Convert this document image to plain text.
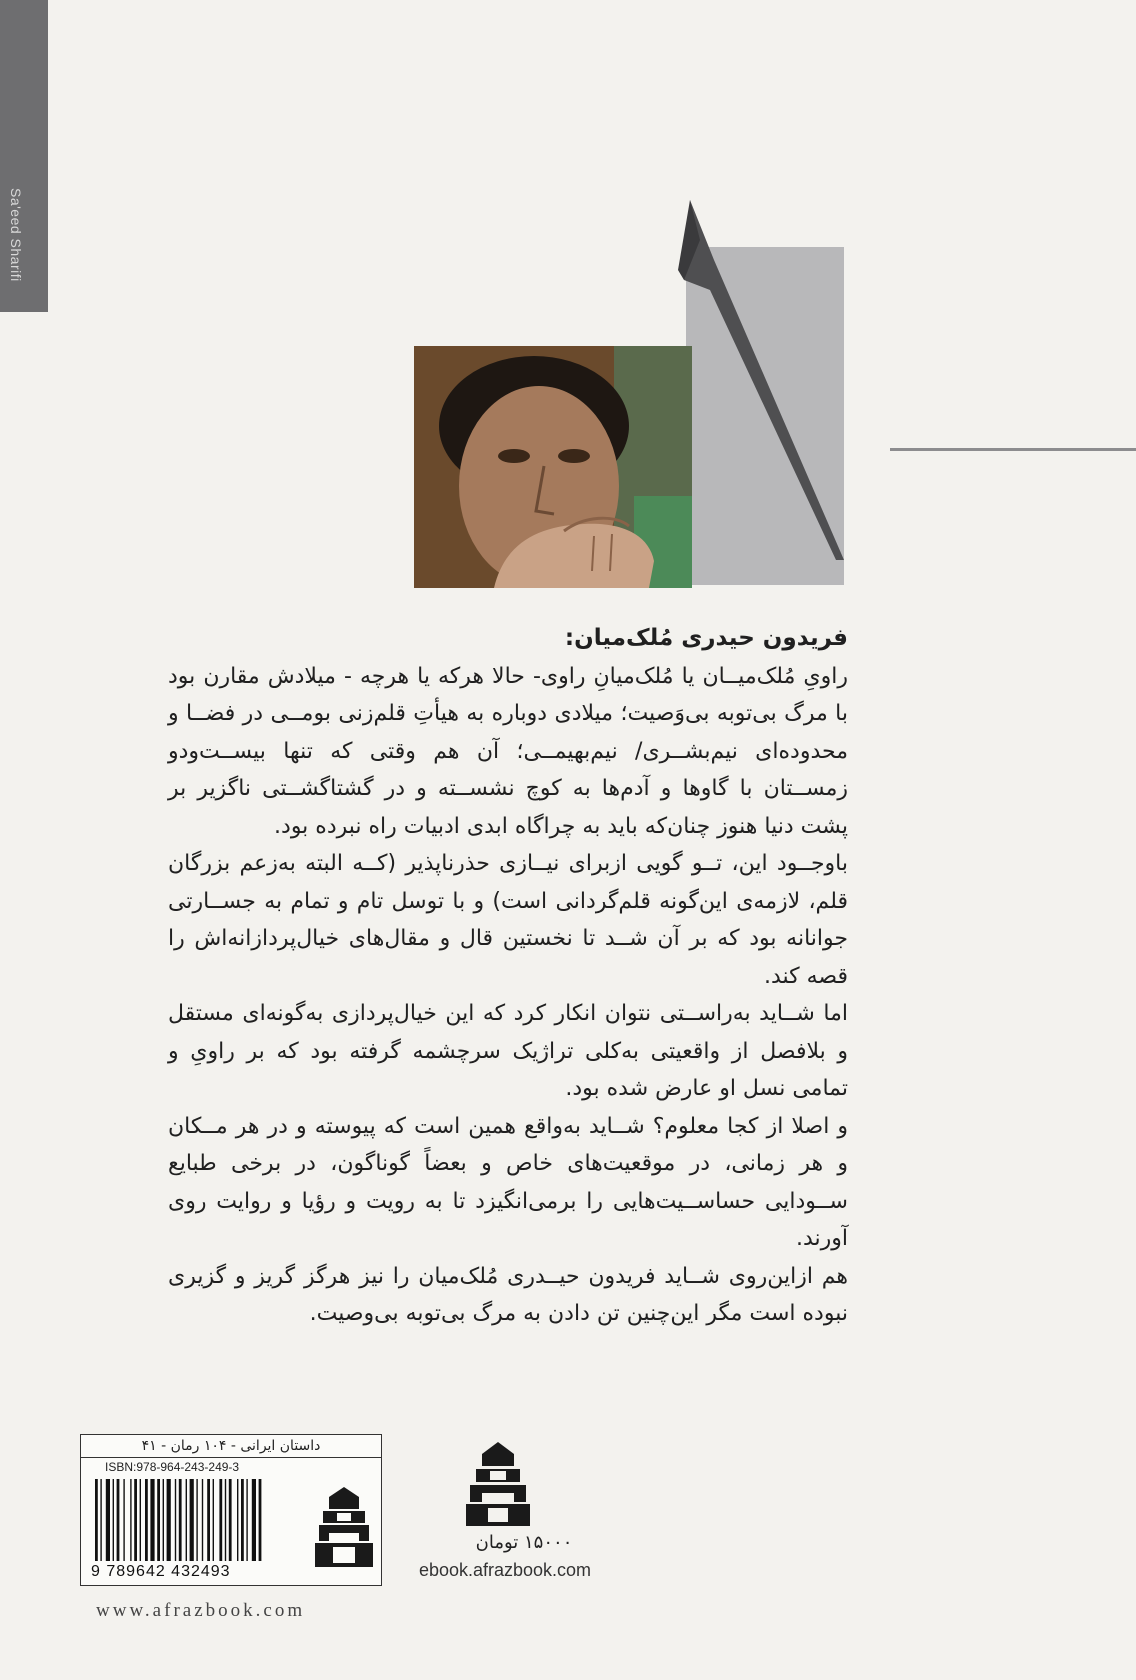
Sa'eed Sharifi

فریدون حیدری مُلک‌میان:

راویِ مُلک‌میــان یا مُلک‌میانِ راوی- حالا هرکه یا هرچه - میلادش مقارن بود با مرگ بی‌توبه بی‌وَصیت؛ میلادی دوباره به هیأتِ قلم‌زنی بومــی در فضــا و محدوده‌ای نیم‌بشــری/ نیم‌بهیمــی؛ آن هم وقتی که تنها بیســت‌ودو زمســتان با گاوها و آدم‌ها به کوچ نشســته و در گشتاگشــتی ناگزیر بر پشت دنیا هنوز چنان‌که باید به چراگاه ابدی ادبیات راه نبرده بود.

باوجــود این، تــو گویی ازبرای نیــازی حذرناپذیر (کــه البته به‌زعم بزرگان قلم، لازمه‌ی این‌گونه قلم‌گردانی است) و با توسل تام و تمام به جســارتی جوانانه بود که بر آن شــد تا نخستین قال و مقال‌های خیال‌پردازانه‌اش را قصه کند.

اما شــاید به‌راســتی نتوان انکار کرد که این خیال‌پردازی به‌گونه‌ای مستقل و بلافصل از واقعیتی به‌کلی تراژیک سرچشمه گرفته بود که بر راویِ و تمامی نسل او عارض شده بود.

و اصلا از کجا معلوم؟ شــاید به‌واقع همین است که پیوسته و در هر مــکان و هر زمانی، در موقعیت‌های خاص و بعضاً گوناگون، در برخی طبایع ســودایی حساســیت‌هایی را برمی‌انگیزد تا به رویت و رؤیا و روایت روی آورند.

هم ازاین‌روی شــاید فریدون حیــدری مُلک‌میان را نیز هرگز گریز و گزیری نبوده است مگر این‌چنین تن دادن به مرگ بی‌توبه بی‌وصیت.

داستان ایرانی - ۱۰۴ رمان - ۴۱
ISBN:978-964-243-249-3
9 789642 432493
۱۵۰۰۰ تومان
ebook.afrazbook.com
www.afrazbook.com
